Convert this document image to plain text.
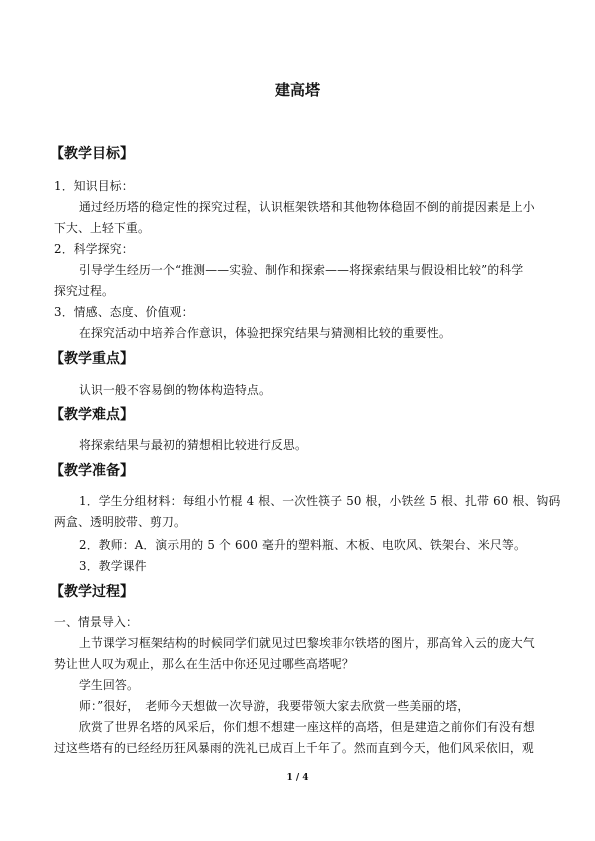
建高塔
【教学目标】
1．知识目标：
通过经历塔的稳定性的探究过程，认识框架铁塔和其他物体稳固不倒的前提因素是上小
下大、上轻下重。
2．科学探究：
引导学生经历一个“推测——实验、制作和探索——将探索结果与假设相比较”的科学
探究过程。
3．情感、态度、价值观：
在探究活动中培养合作意识，体验把探究结果与猜测相比较的重要性。
【教学重点】
认识一般不容易倒的物体构造特点。
【教学难点】
将探索结果与最初的猜想相比较进行反思。
【教学准备】
1．学生分组材料：每组小竹棍 4 根、一次性筷子 50 根，小铁丝 5 根、扎带 60 根、钩码
两盒、透明胶带、剪刀。
2．教师：A．演示用的 5 个 600 毫升的塑料瓶、木板、电吹风、铁架台、米尺等。
3．教学课件
【教学过程】
一、情景导入：
上节课学习框架结构的时候同学们就见过巴黎埃菲尔铁塔的图片，那高耸入云的庞大气
势让世人叹为观止，那么在生活中你还见过哪些高塔呢？
学生回答。
师：”很好，　老师今天想做一次导游，我要带领大家去欣赏一些美丽的塔，
欣赏了世界名塔的风采后，你们想不想建一座这样的高塔，但是建造之前你们有没有想
过这些塔有的已经经历狂风暴雨的洗礼已成百上千年了。然而直到今天，他们风采依旧，观
1 / 4
